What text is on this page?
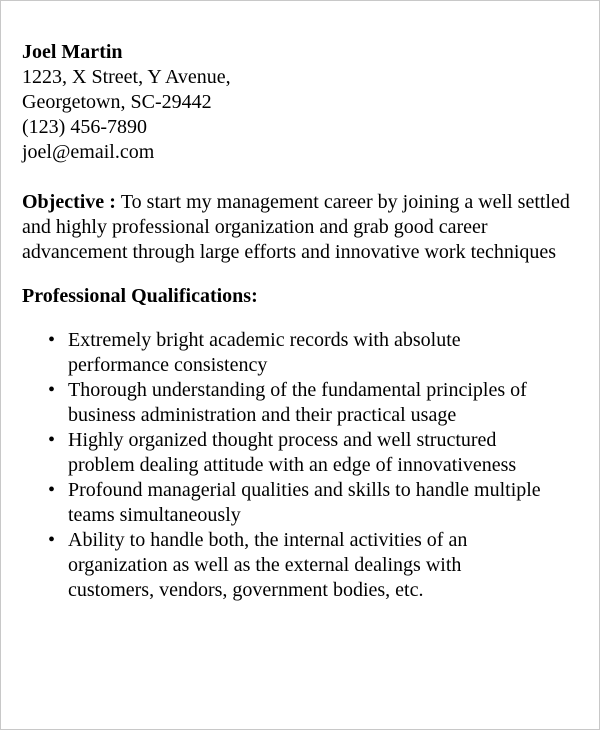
Joel Martin
1223, X Street, Y Avenue,
Georgetown, SC-29442
(123) 456-7890
joel@email.com
Objective : To start my management career by joining a well settled and highly professional organization and grab good career advancement through large efforts and innovative work techniques
Professional Qualifications:
• Extremely bright academic records with absolute
performance consistency
• Thorough understanding of the fundamental principles of
business administration and their practical usage
• Highly organized thought process and well structured
problem dealing attitude with an edge of innovativeness
• Profound managerial qualities and skills to handle multiple
teams simultaneously
• Ability to handle both, the internal activities of an
organization as well as the external dealings with
customers, vendors, government bodies, etc.
